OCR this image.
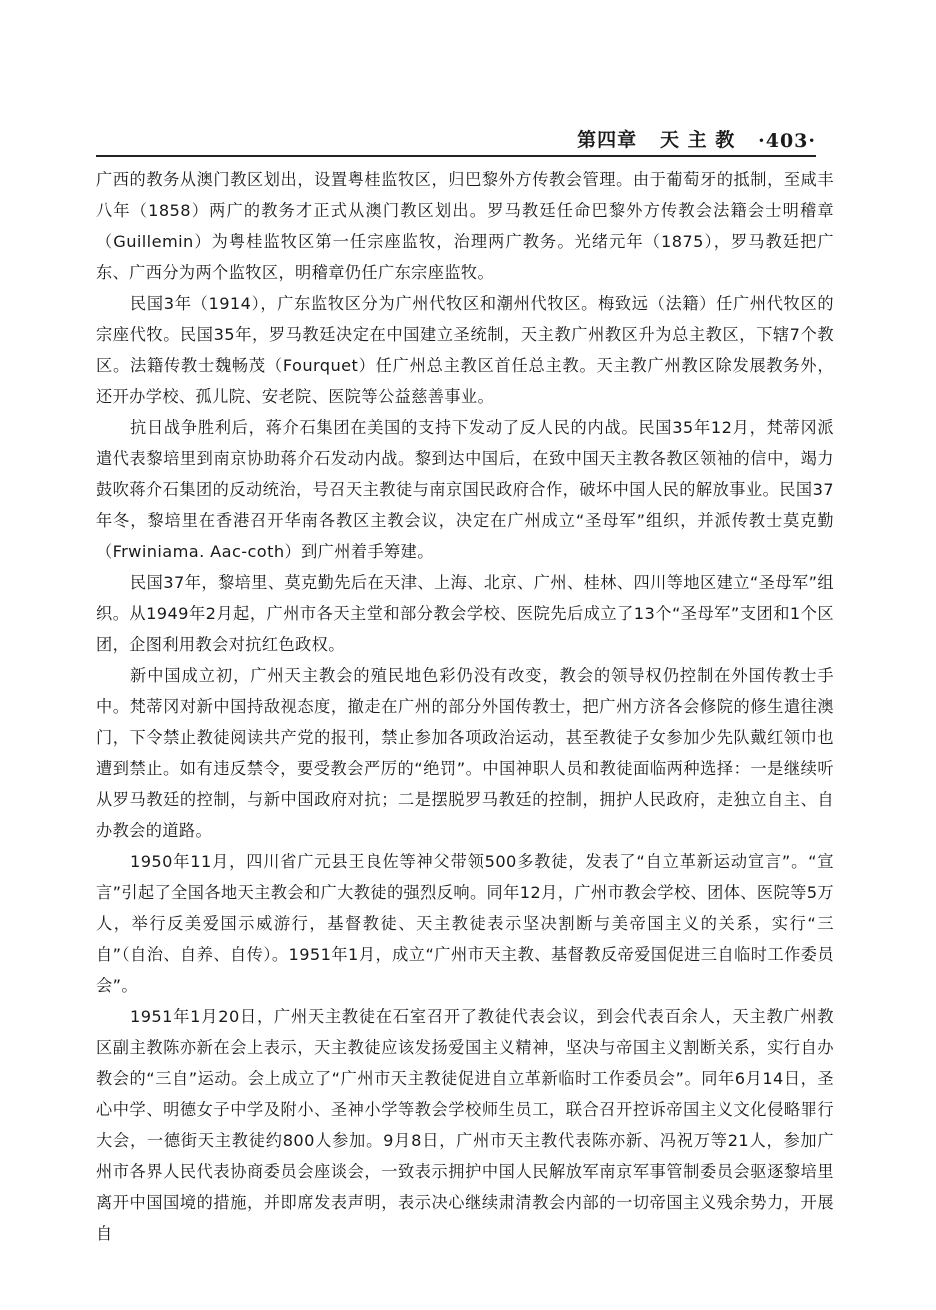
第四章
天 主 教
·403·

广西的教务从澳门教区划出，设置粤桂监牧区，归巴黎外方传教会管理。由于葡萄牙的抵制，至咸丰八年（1858）两广的教务才正式从澳门教区划出。罗马教廷任命巴黎外方传教会法籍会士明稽章（Guillemin）为粤桂监牧区第一任宗座监牧，治理两广教务。光绪元年（1875），罗马教廷把广东、广西分为两个监牧区，明稽章仍任广东宗座监牧。

民国3年（1914），广东监牧区分为广州代牧区和潮州代牧区。梅致远（法籍）任广州代牧区的宗座代牧。民国35年，罗马教廷决定在中国建立圣统制，天主教广州教区升为总主教区，下辖7个教区。法籍传教士魏畅茂（Fourquet）任广州总主教区首任总主教。天主教广州教区除发展教务外，还开办学校、孤儿院、安老院、医院等公益慈善事业。

抗日战争胜利后，蒋介石集团在美国的支持下发动了反人民的内战。民国35年12月，梵蒂冈派遣代表黎培里到南京协助蒋介石发动内战。黎到达中国后，在致中国天主教各教区领袖的信中，竭力鼓吹蒋介石集团的反动统治，号召天主教徒与南京国民政府合作，破坏中国人民的解放事业。民国37年冬，黎培里在香港召开华南各教区主教会议，决定在广州成立“圣母军”组织，并派传教士莫克勤（Frwiniama. Aac-coth）到广州着手筹建。

民国37年，黎培里、莫克勤先后在天津、上海、北京、广州、桂林、四川等地区建立“圣母军”组织。从1949年2月起，广州市各天主堂和部分教会学校、医院先后成立了13个“圣母军”支团和1个区团，企图利用教会对抗红色政权。

新中国成立初，广州天主教会的殖民地色彩仍没有改变，教会的领导权仍控制在外国传教士手中。梵蒂冈对新中国持敌视态度，撤走在广州的部分外国传教士，把广州方济各会修院的修生遣往澳门，下令禁止教徒阅读共产党的报刊，禁止参加各项政治运动，甚至教徒子女参加少先队戴红领巾也遭到禁止。如有违反禁令，要受教会严厉的“绝罚”。中国神职人员和教徒面临两种选择：一是继续听从罗马教廷的控制，与新中国政府对抗；二是摆脱罗马教廷的控制，拥护人民政府，走独立自主、自办教会的道路。

1950年11月，四川省广元县王良佐等神父带领500多教徒，发表了“自立革新运动宣言”。“宣言”引起了全国各地天主教会和广大教徒的强烈反响。同年12月，广州市教会学校、团体、医院等5万人，举行反美爱国示威游行，基督教徒、天主教徒表示坚决割断与美帝国主义的关系，实行“三自”（自治、自养、自传）。1951年1月，成立“广州市天主教、基督教反帝爱国促进三自临时工作委员会”。

1951年1月20日，广州天主教徒在石室召开了教徒代表会议，到会代表百余人，天主教广州教区副主教陈亦新在会上表示，天主教徒应该发扬爱国主义精神，坚决与帝国主义割断关系，实行自办教会的“三自”运动。会上成立了“广州市天主教徒促进自立革新临时工作委员会”。同年6月14日，圣心中学、明德女子中学及附小、圣神小学等教会学校师生员工，联合召开控诉帝国主义文化侵略罪行大会，一德街天主教徒约800人参加。9月8日，广州市天主教代表陈亦新、冯祝万等21人，参加广州市各界人民代表协商委员会座谈会，一致表示拥护中国人民解放军南京军事管制委员会驱逐黎培里离开中国国境的措施，并即席发表声明，表示决心继续肃清教会内部的一切帝国主义残余势力，开展自
